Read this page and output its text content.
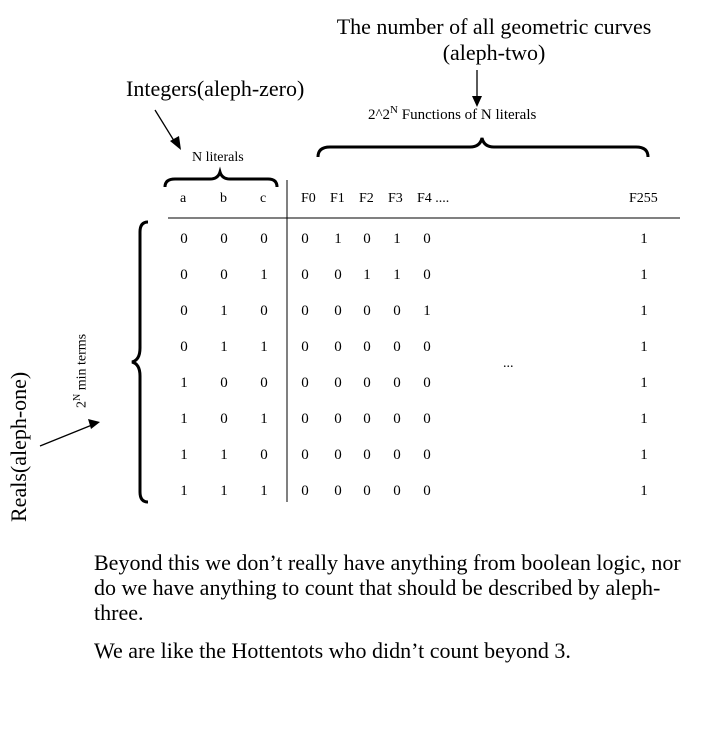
The number of all geometric curves
(aleph-two)
Integers(aleph-zero)
$2\^{}2^N$ Functions of N literals
N literals
$2^N$ min terms
Reals(aleph-one)
a b c F0 F1 F2 F3 F4 ....	F255
...
0	0	0	0	1	0	1	0	1
0	0	1	0	0	1	1	0	1
0	1	0	0	0	0	0	1	1
0	1	1	0	0	0	0	0	1
1	0	0	0	0	0	0	0	1
1	0	1	0	0	0	0	0	1
1	1	0	0	0	0	0	0	1
1	1	1	0	0	0	0	0	1

Beyond this we don’t really have anything from boolean logic, nor do we have anything to count that should be described by aleph-three.

We are like the Hottentots who didn’t count beyond 3.
